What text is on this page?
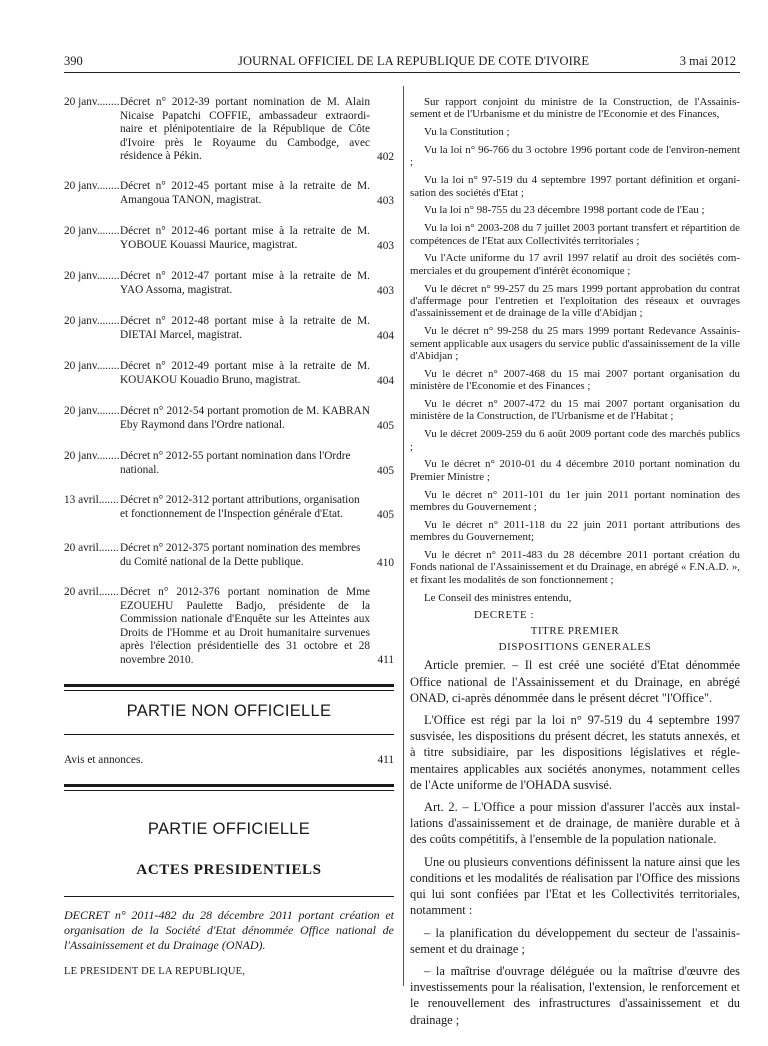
390	JOURNAL OFFICIEL DE LA REPUBLIQUE DE COTE D'IVOIRE	3 mai 2012
20 janv........ Décret n° 2012-39 portant nomination de M. Alain Nicaise Papatchi COFFIE, ambassadeur extraordi-naire et plénipotentiaire de la République de Côte d'Ivoire près le Royaume du Cambodge, avec résidence à Pékin.	402
20 janv........ Décret n° 2012-45 portant mise à la retraite de M. Amangoua TANON, magistrat.	403
20 janv........ Décret n° 2012-46 portant mise à la retraite de M. YOBOUE Kouassi Maurice, magistrat.	403
20 janv........ Décret n° 2012-47 portant mise à la retraite de M. YAO Assoma, magistrat.	403
20 janv........ Décret n° 2012-48 portant mise à la retraite de M. DIETAI Marcel, magistrat.	404
20 janv........ Décret n° 2012-49 portant mise à la retraite de M. KOUAKOU Kouadio Bruno, magistrat.	404
20 janv........ Décret n° 2012-54 portant promotion de M. KABRAN Eby Raymond dans l'Ordre national.	405
20 janv........ Décret n° 2012-55 portant nomination dans l'Ordre national.	405
13 avril....... Décret n° 2012-312 portant attributions, organisation et fonctionnement de l'Inspection générale d'Etat.	405
20 avril....... Décret n° 2012-375 portant nomination des membres du Comité national de la Dette publique.	410
20 avril....... Décret n° 2012-376 portant nomination de Mme EZOUEHU Paulette Badjo, présidente de la Commission nationale d'Enquête sur les Atteintes aux Droits de l'Homme et au Droit humanitaire survenues après l'élection présidentielle des 31 octobre et 28 novembre 2010.	411
PARTIE NON OFFICIELLE
Avis et annonces.	411
PARTIE OFFICIELLE
ACTES PRESIDENTIELS
DECRET n° 2011-482 du 28 décembre 2011 portant création et organisation de la Société d'Etat dénommée Office national de l'Assainissement et du Drainage (ONAD).
LE PRESIDENT DE LA REPUBLIQUE,

Sur rapport conjoint du ministre de la Construction, de l'Assainis-sement et de l'Urbanisme et du ministre de l'Economie et des Finances,

Vu la Constitution ;

Vu la loi n° 96-766 du 3 octobre 1996 portant code de l'environ-nement ;

Vu la loi n° 97-519 du 4 septembre 1997 portant définition et organi-sation des sociétés d'Etat ;

Vu la loi n° 98-755 du 23 décembre 1998 portant code de l'Eau ;

Vu la loi n° 2003-208 du 7 juillet 2003 portant transfert et répartition de compétences de l'Etat aux Collectivités territoriales ;

Vu l'Acte uniforme du 17 avril 1997 relatif au droit des sociétés com-merciales et du groupement d'intérêt économique ;

Vu le décret n° 99-257 du 25 mars 1999 portant approbation du contrat d'affermage pour l'entretien et l'exploitation des réseaux et ouvrages d'assainissement et de drainage de la ville d'Abidjan ;

Vu le décret n° 99-258 du 25 mars 1999 portant Redevance Assainis-sement applicable aux usagers du service public d'assainissement de la ville d'Abidjan ;

Vu le décret n° 2007-468 du 15 mai 2007 portant organisation du ministère de l'Economie et des Finances ;

Vu le décret n° 2007-472 du 15 mai 2007 portant organisation du ministère de la Construction, de l'Urbanisme et de l'Habitat ;

Vu le décret 2009-259 du 6 août 2009 portant code des marchés publics ;

Vu le décret n° 2010-01 du 4 décembre 2010 portant nomination du Premier Ministre ;

Vu le décret n° 2011-101 du 1er juin 2011 portant nomination des membres du Gouvernement ;

Vu le décret n° 2011-118 du 22 juin 2011 portant attributions des membres du Gouvernement;

Vu le décret n° 2011-483 du 28 décembre 2011 portant création du Fonds national de l'Assainissement et du Drainage, en abrégé « F.N.A.D. », et fixant les modalités de son fonctionnement ;

Le Conseil des ministres entendu,

DECRETE :
TITRE PREMIER
DISPOSITIONS GENERALES

Article premier. – Il est créé une société d'Etat dénommée Office national de l'Assainissement et du Drainage, en abrégé ONAD, ci-après dénommée dans le présent décret "l'Office".

L'Office est régi par la loi n° 97-519 du 4 septembre 1997 susvisée, les dispositions du présent décret, les statuts annexés, et à titre subsidiaire, par les dispositions législatives et régle-mentaires applicables aux sociétés anonymes, notamment celles de l'Acte uniforme de l'OHADA susvisé.

Art. 2. – L'Office a pour mission d'assurer l'accès aux instal-lations d'assainissement et de drainage, de manière durable et à des coûts compétitifs, à l'ensemble de la population nationale.

Une ou plusieurs conventions définissent la nature ainsi que les conditions et les modalités de réalisation par l'Office des missions qui lui sont confiées par l'Etat et les Collectivités territoriales, notamment :

– la planification du développement du secteur de l'assainis-sement et du drainage ;

– la maîtrise d'ouvrage déléguée ou la maîtrise d'œuvre des investissements pour la réalisation, l'extension, le renforcement et le renouvellement des infrastructures d'assainissement et du drainage ;
